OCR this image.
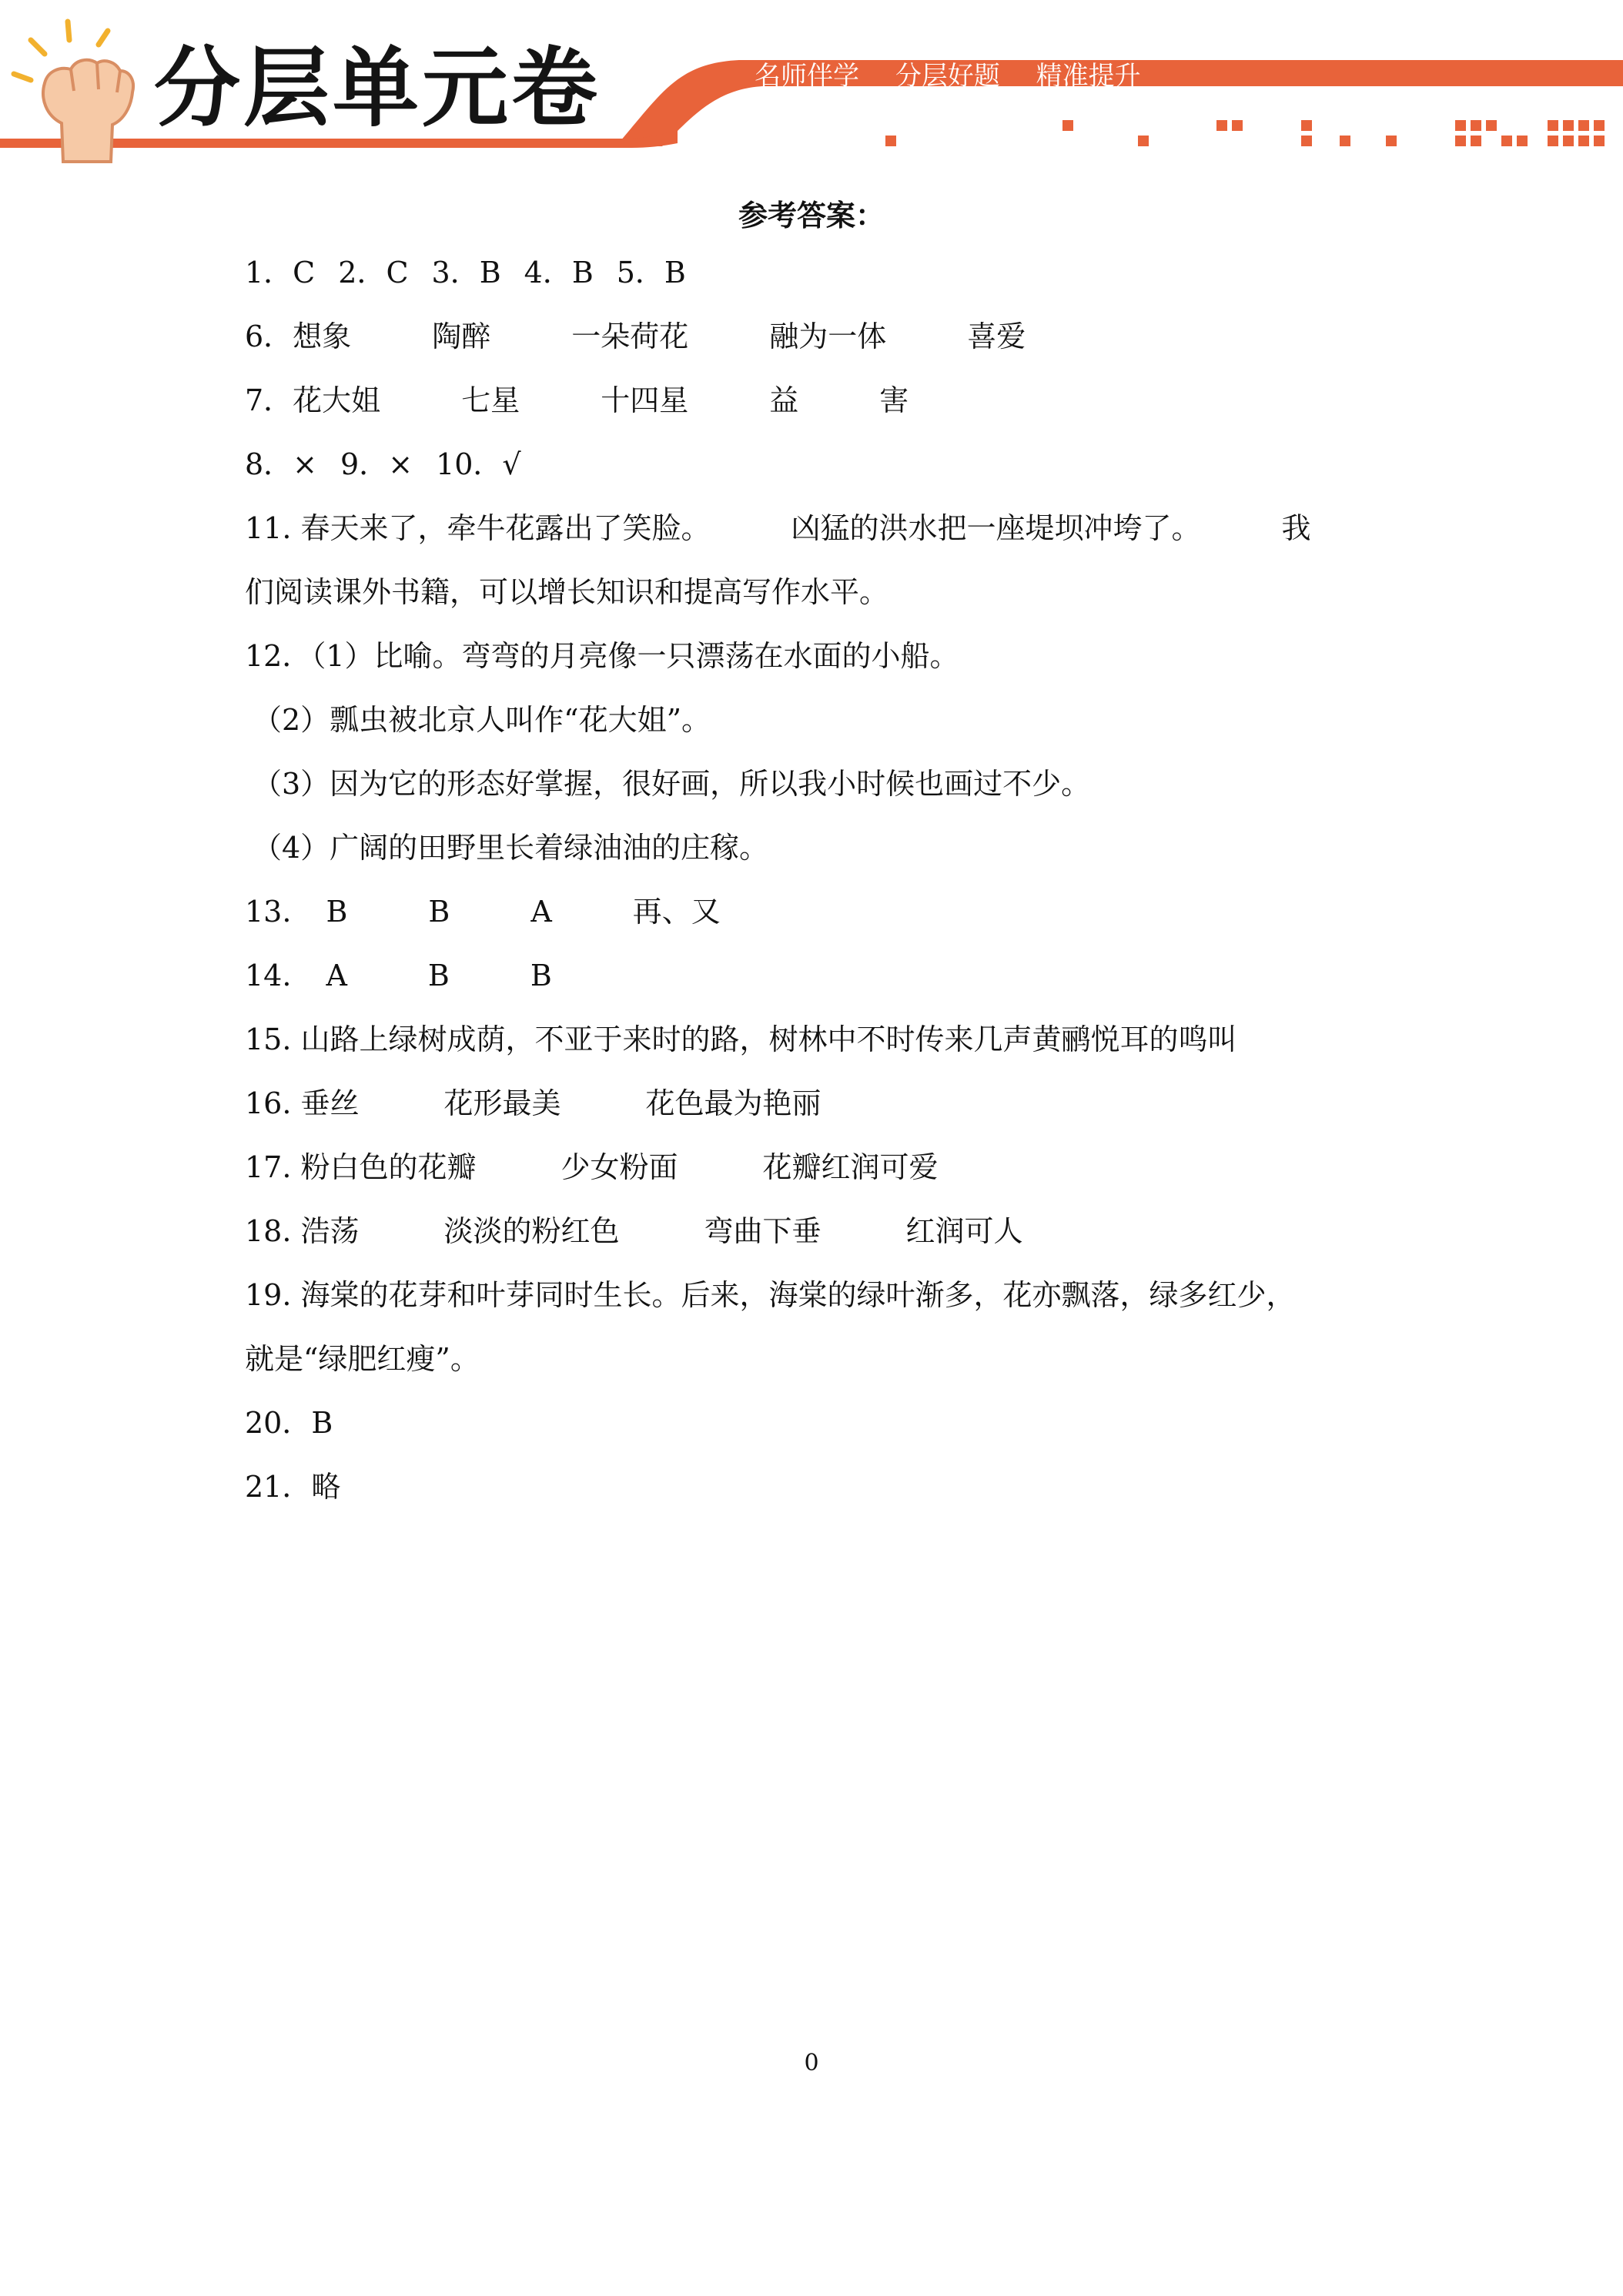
分层单元卷	名师伴学 分层好题 精准提升
参考答案：
1．C 2．C 3．B 4．B 5．B
6．想象	陶醉	一朵荷花	融为一体	喜爱
7．花大姐	七星	十四星	益	害
8．× 9．× 10．√
11. 春天来了，牵牛花露出了笑脸。	凶猛的洪水把一座堤坝冲垮了。	我
们阅读课外书籍，可以增长知识和提高写作水平。
12．（1）比喻。弯弯的月亮像一只漂荡在水面的小船。
（2）瓢虫被北京人叫作“花大姐”。
（3）因为它的形态好掌握，很好画，所以我小时候也画过不少。
（4）广阔的田野里长着绿油油的庄稼。
13. B	B	A	再、又
14. A	B	B
15. 山路上绿树成荫，不亚于来时的路，树林中不时传来几声黄鹂悦耳的鸣叫
16. 垂丝	花形最美	花色最为艳丽
17. 粉白色的花瓣	少女粉面	花瓣红润可爱
18. 浩荡	淡淡的粉红色	弯曲下垂	红润可人
19. 海棠的花芽和叶芽同时生长。后来，海棠的绿叶渐多，花亦飘落，绿多红少，
就是“绿肥红瘦”。
20．B
21．略
0
